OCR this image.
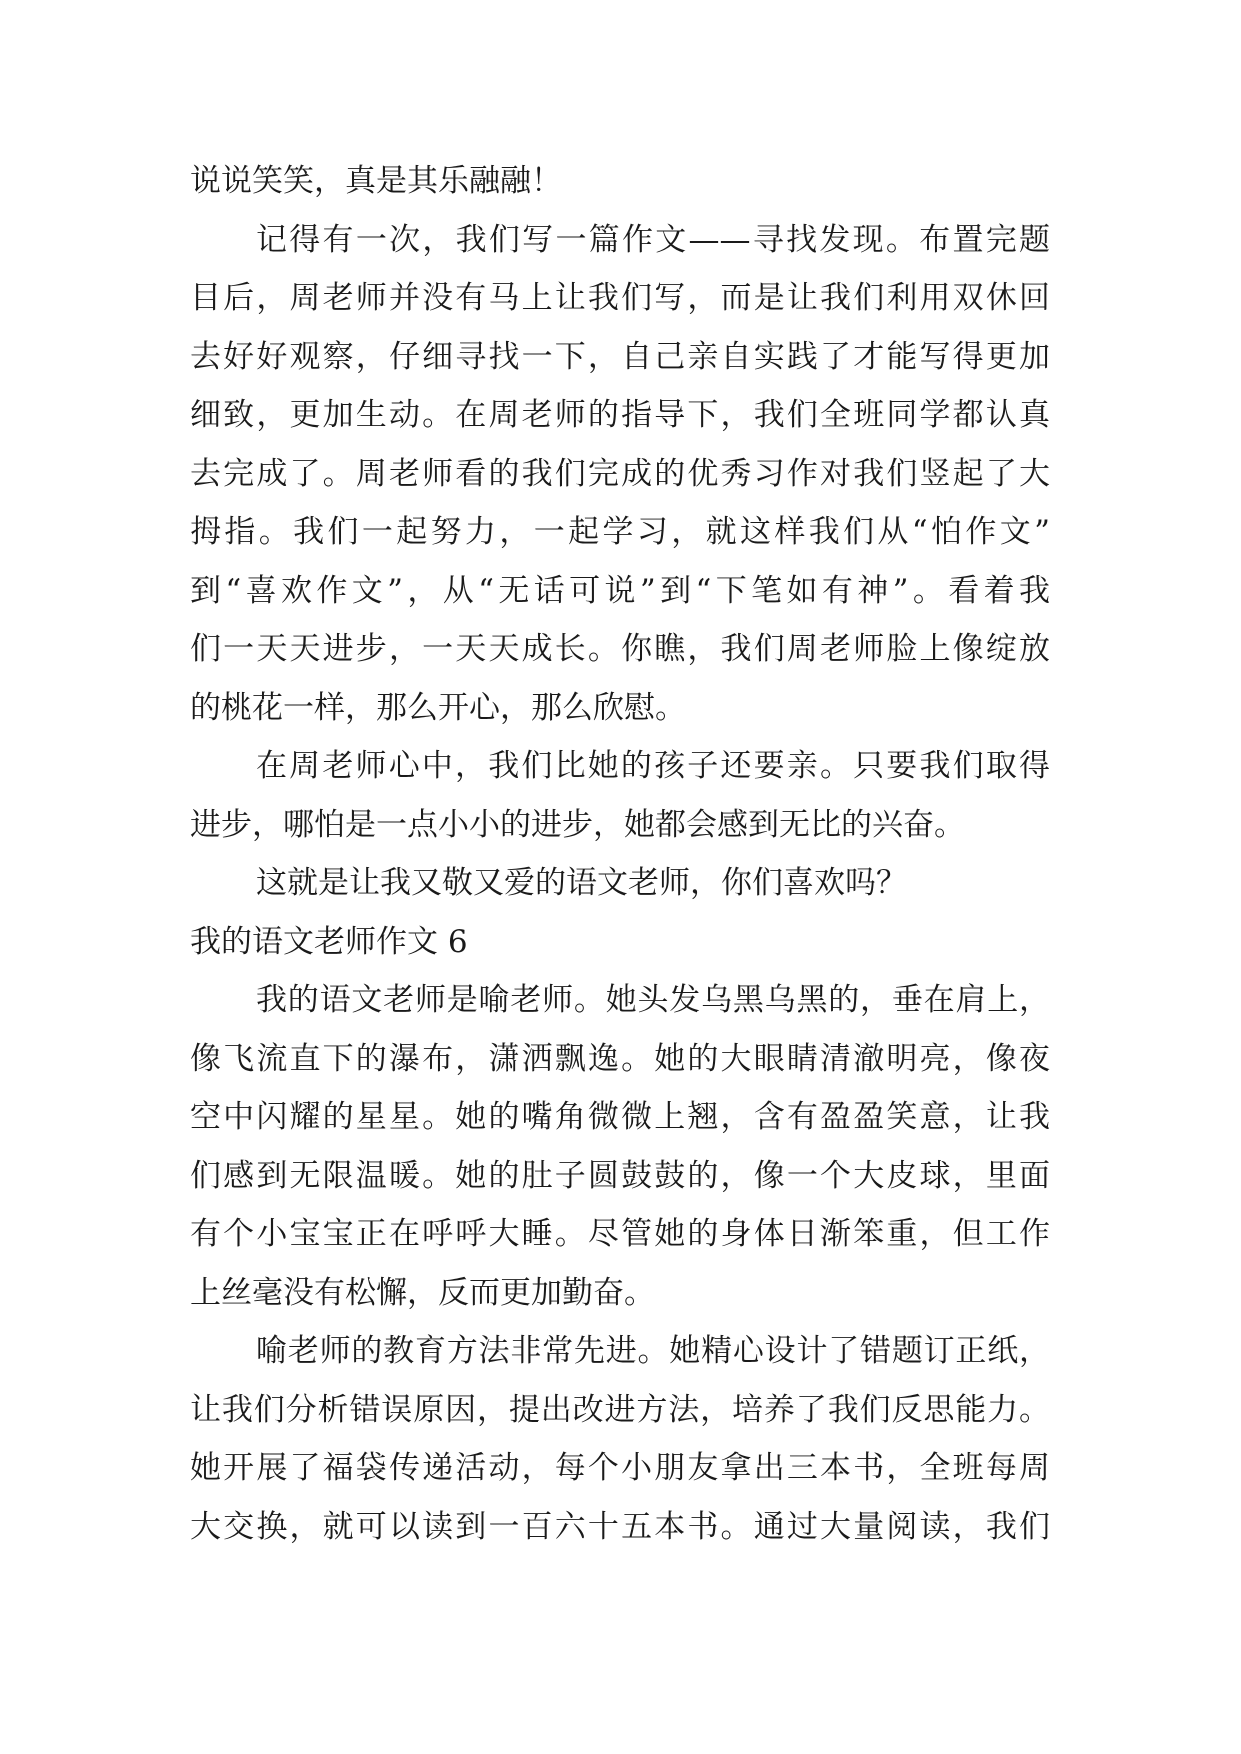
说说笑笑，真是其乐融融！
记得有一次，我们写一篇作文——寻找发现。布置完题
目后，周老师并没有马上让我们写，而是让我们利用双休回
去好好观察，仔细寻找一下，自己亲自实践了才能写得更加
细致，更加生动。在周老师的指导下，我们全班同学都认真
去完成了。周老师看的我们完成的优秀习作对我们竖起了大
拇指。我们一起努力，一起学习，就这样我们从“怕作文”
到“喜欢作文”，从“无话可说”到“下笔如有神”。看着我
们一天天进步，一天天成长。你瞧，我们周老师脸上像绽放
的桃花一样，那么开心，那么欣慰。
在周老师心中，我们比她的孩子还要亲。只要我们取得
进步，哪怕是一点小小的进步，她都会感到无比的兴奋。
这就是让我又敬又爱的语文老师，你们喜欢吗？
我的语文老师作文 6
我的语文老师是喻老师。她头发乌黑乌黑的，垂在肩上，
像飞流直下的瀑布，潇洒飘逸。她的大眼睛清澈明亮，像夜
空中闪耀的星星。她的嘴角微微上翘，含有盈盈笑意，让我
们感到无限温暖。她的肚子圆鼓鼓的，像一个大皮球，里面
有个小宝宝正在呼呼大睡。尽管她的身体日渐笨重，但工作
上丝毫没有松懈，反而更加勤奋。
喻老师的教育方法非常先进。她精心设计了错题订正纸，
让我们分析错误原因，提出改进方法，培养了我们反思能力。
她开展了福袋传递活动，每个小朋友拿出三本书，全班每周
大交换，就可以读到一百六十五本书。通过大量阅读，我们
